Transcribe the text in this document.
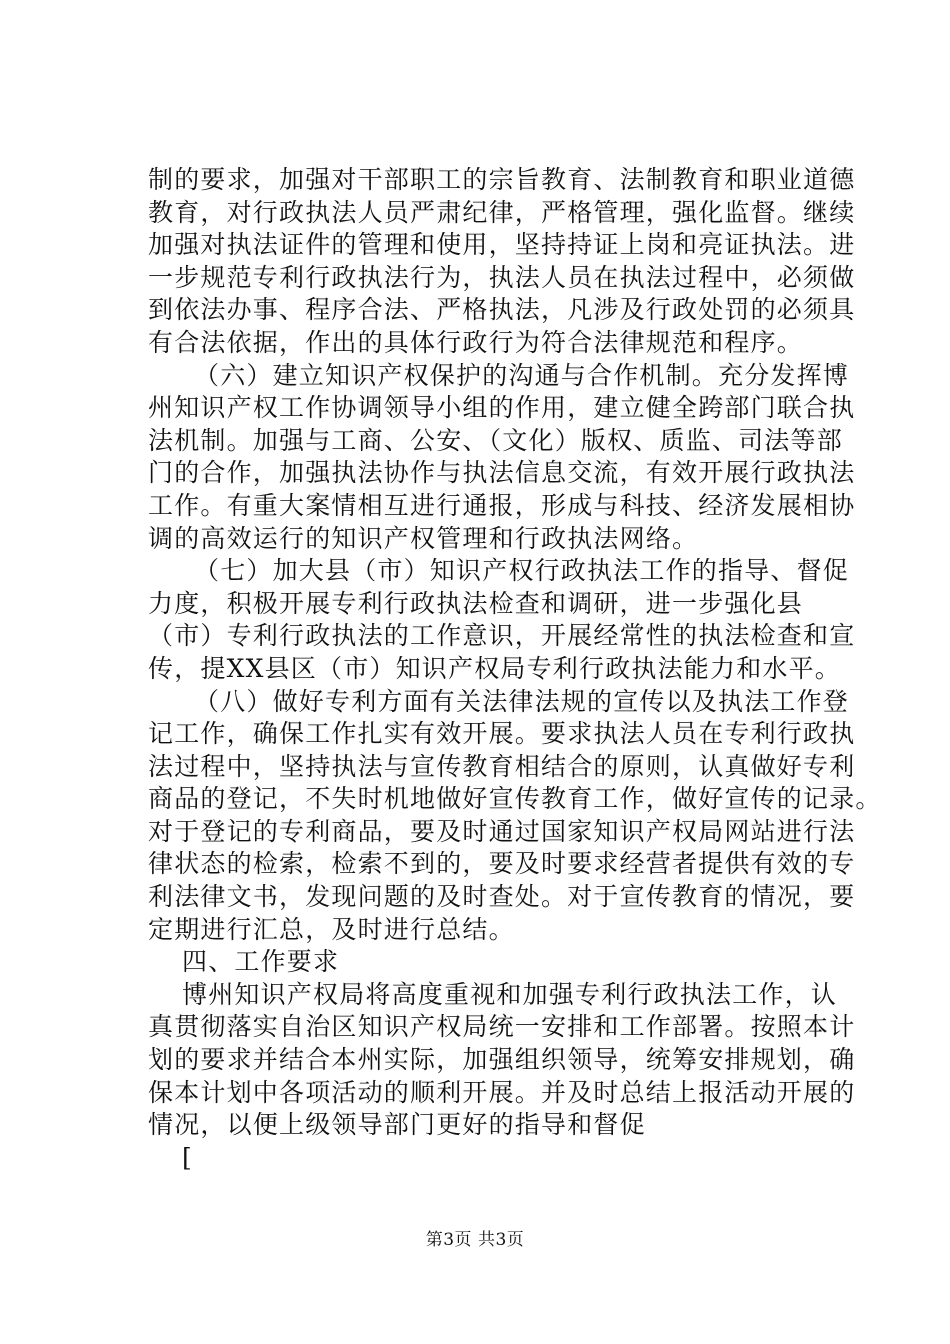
制的要求，加强对干部职工的宗旨教育、法制教育和职业道德
教育，对行政执法人员严肃纪律，严格管理，强化监督。继续
加强对执法证件的管理和使用，坚持持证上岗和亮证执法。进
一步规范专利行政执法行为，执法人员在执法过程中，必须做
到依法办事、程序合法、严格执法，凡涉及行政处罚的必须具
有合法依据，作出的具体行政行为符合法律规范和程序。
（六）建立知识产权保护的沟通与合作机制。充分发挥博
州知识产权工作协调领导小组的作用，建立健全跨部门联合执
法机制。加强与工商、公安、（文化）版权、质监、司法等部
门的合作，加强执法协作与执法信息交流，有效开展行政执法
工作。有重大案情相互进行通报，形成与科技、经济发展相协
调的高效运行的知识产权管理和行政执法网络。
（七）加大县（市）知识产权行政执法工作的指导、督促
力度，积极开展专利行政执法检查和调研，进一步强化县
（市）专利行政执法的工作意识，开展经常性的执法检查和宣
传，提XX县区（市）知识产权局专利行政执法能力和水平。
（八）做好专利方面有关法律法规的宣传以及执法工作登
记工作，确保工作扎实有效开展。要求执法人员在专利行政执
法过程中，坚持执法与宣传教育相结合的原则，认真做好专利
商品的登记，不失时机地做好宣传教育工作，做好宣传的记录。
对于登记的专利商品，要及时通过国家知识产权局网站进行法
律状态的检索，检索不到的，要及时要求经营者提供有效的专
利法律文书，发现问题的及时查处。对于宣传教育的情况，要
定期进行汇总，及时进行总结。
四、工作要求
博州知识产权局将高度重视和加强专利行政执法工作，认
真贯彻落实自治区知识产权局统一安排和工作部署。按照本计
划的要求并结合本州实际，加强组织领导，统筹安排规划，确
保本计划中各项活动的顺利开展。并及时总结上报活动开展的
情况，以便上级领导部门更好的指导和督促
[
第3页 共3页
